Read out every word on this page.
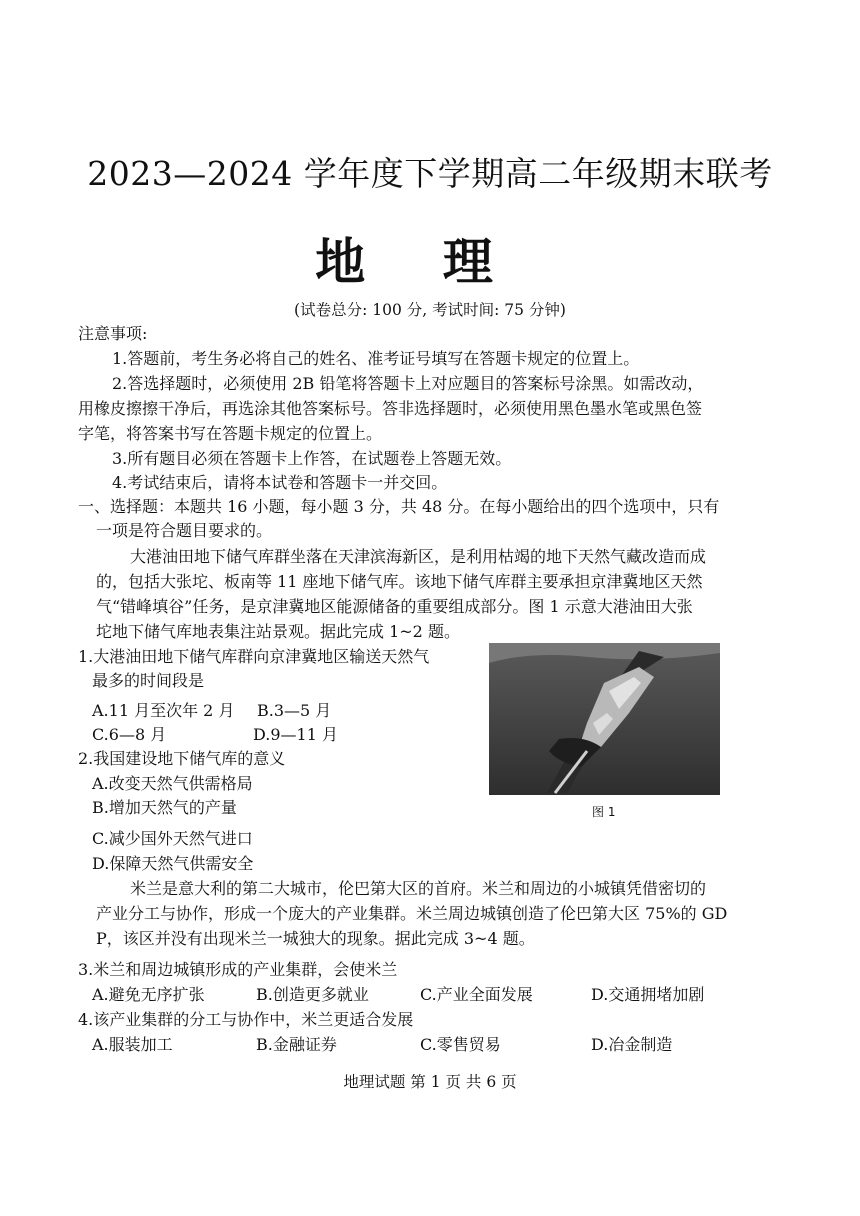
2023—2024 学年度下学期高二年级期末联考
地 理
(试卷总分: 100 分, 考试时间: 75 分钟)
注意事项:
1.答题前，考生务必将自己的姓名、准考证号填写在答题卡规定的位置上。
2.答选择题时，必须使用 2B 铅笔将答题卡上对应题目的答案标号涂黑。如需改动，
用橡皮擦擦干净后，再选涂其他答案标号。答非选择题时，必须使用黑色墨水笔或黑色签
字笔，将答案书写在答题卡规定的位置上。
3.所有题目必须在答题卡上作答，在试题卷上答题无效。
4.考试结束后，请将本试卷和答题卡一并交回。
一、选择题：本题共 16 小题，每小题 3 分，共 48 分。在每小题给出的四个选项中，只有
一项是符合题目要求的。
大港油田地下储气库群坐落在天津滨海新区，是利用枯竭的地下天然气藏改造而成
的，包括大张坨、板南等 11 座地下储气库。该地下储气库群主要承担京津冀地区天然
气“错峰填谷”任务，是京津冀地区能源储备的重要组成部分。图 1 示意大港油田大张
坨地下储气库地表集注站景观。据此完成 1~2 题。
1.大港油田地下储气库群向京津冀地区输送天然气
最多的时间段是
A.11 月至次年 2 月 B.3—5 月
C.6—8 月	D.9—11 月
2.我国建设地下储气库的意义
A.改变天然气供需格局
B.增加天然气的产量
C.减少国外天然气进口
D.保障天然气供需安全
图 1
米兰是意大利的第二大城市，伦巴第大区的首府。米兰和周边的小城镇凭借密切的
产业分工与协作，形成一个庞大的产业集群。米兰周边城镇创造了伦巴第大区 75%的 GD
P，该区并没有出现米兰一城独大的现象。据此完成 3~4 题。
3.米兰和周边城镇形成的产业集群，会使米兰
A.避免无序扩张	B.创造更多就业	C.产业全面发展	D.交通拥堵加剧
4.该产业集群的分工与协作中，米兰更适合发展
A.服装加工	B.金融证券	C.零售贸易	D.冶金制造
地理试题 第 1 页 共 6 页
